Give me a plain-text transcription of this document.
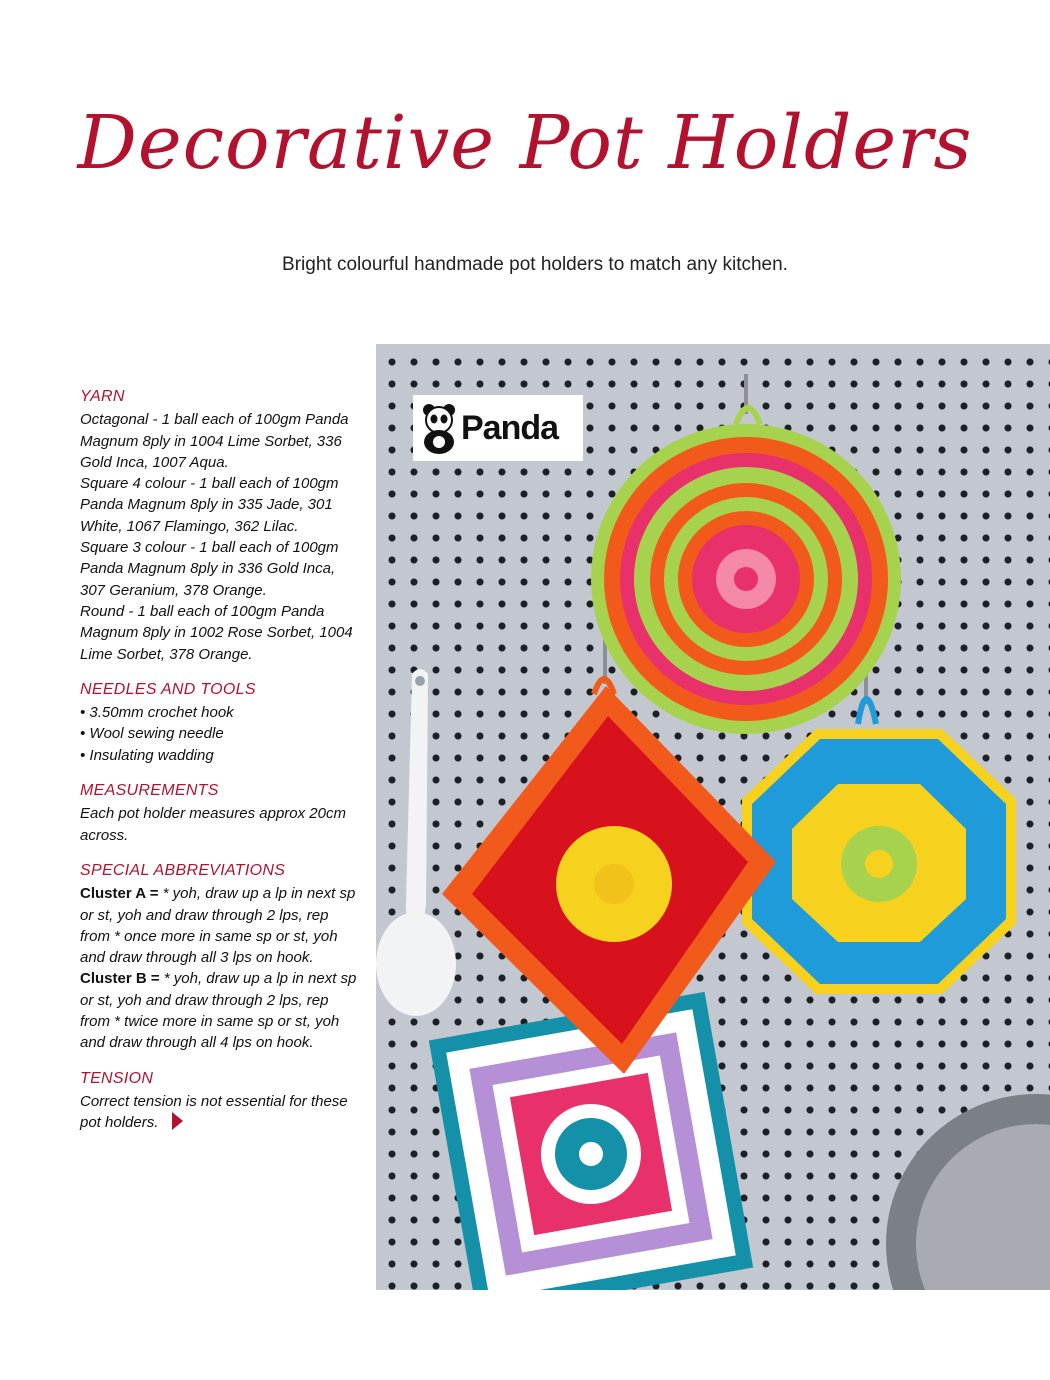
Decorative Pot Holders

Bright colourful handmade pot holders to match any kitchen.

YARN

Octagonal - 1 ball each of 100gm Panda Magnum 8ply in 1004 Lime Sorbet, 336 Gold Inca, 1007 Aqua.

Square 4 colour - 1 ball each of 100gm Panda Magnum 8ply in 335 Jade, 301 White, 1067 Flamingo, 362 Lilac.

Square 3 colour - 1 ball each of 100gm Panda Magnum 8ply in 336 Gold Inca, 307 Geranium, 378 Orange.

Round - 1 ball each of 100gm Panda Magnum 8ply in 1002 Rose Sorbet, 1004 Lime Sorbet, 378 Orange.

NEEDLES AND TOOLS

• 3.50mm crochet hook

• Wool sewing needle

• Insulating wadding

MEASUREMENTS

Each pot holder measures approx 20cm across.

SPECIAL ABBREVIATIONS

Cluster A = * yoh, draw up a lp in next sp or st, yoh and draw through 2 lps, rep from * once more in same sp or st, yoh and draw through all 3 lps on hook.

Cluster B = * yoh, draw up a lp in next sp or st, yoh and draw through 2 lps, rep from * twice more in same sp or st, yoh and draw through all 4 lps on hook.

TENSION

Correct tension is not essential for these pot holders.

Panda
